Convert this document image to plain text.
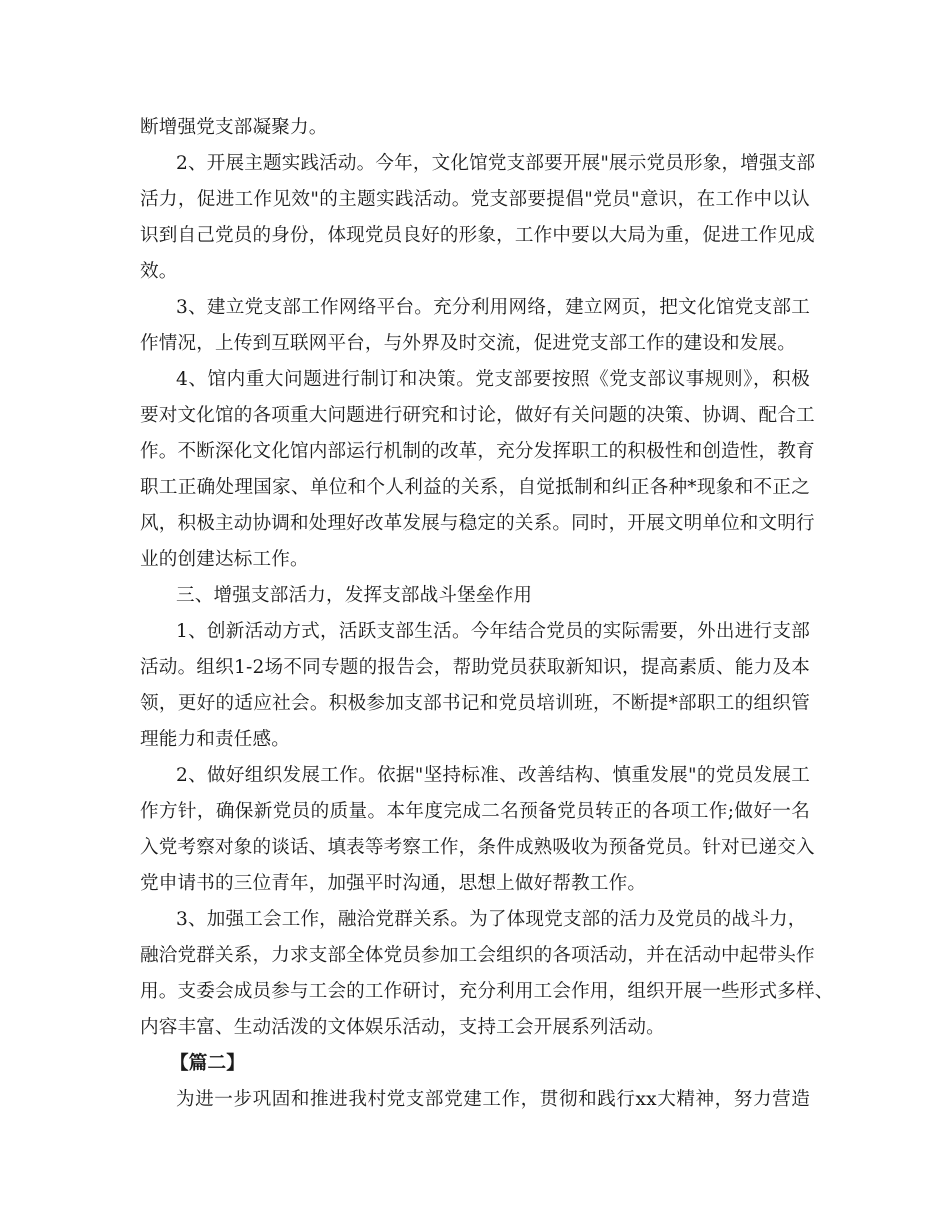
断增强党支部凝聚力。
2、开展主题实践活动。今年，文化馆党支部要开展"展示党员形象，增强支部
活力，促进工作见效"的主题实践活动。党支部要提倡"党员"意识，在工作中以认
识到自己党员的身份，体现党员良好的形象，工作中要以大局为重，促进工作见成
效。
3、建立党支部工作网络平台。充分利用网络，建立网页，把文化馆党支部工
作情况，上传到互联网平台，与外界及时交流，促进党支部工作的建设和发展。
4、馆内重大问题进行制订和决策。党支部要按照《党支部议事规则》，积极
要对文化馆的各项重大问题进行研究和讨论，做好有关问题的决策、协调、配合工
作。不断深化文化馆内部运行机制的改革，充分发挥职工的积极性和创造性，教育
职工正确处理国家、单位和个人利益的关系，自觉抵制和纠正各种*现象和不正之
风，积极主动协调和处理好改革发展与稳定的关系。同时，开展文明单位和文明行
业的创建达标工作。
三、增强支部活力，发挥支部战斗堡垒作用
1、创新活动方式，活跃支部生活。今年结合党员的实际需要，外出进行支部
活动。组织1-2场不同专题的报告会，帮助党员获取新知识，提高素质、能力及本
领，更好的适应社会。积极参加支部书记和党员培训班，不断提*部职工的组织管
理能力和责任感。
2、做好组织发展工作。依据"坚持标准、改善结构、慎重发展"的党员发展工
作方针，确保新党员的质量。本年度完成二名预备党员转正的各项工作;做好一名
入党考察对象的谈话、填表等考察工作，条件成熟吸收为预备党员。针对已递交入
党申请书的三位青年，加强平时沟通，思想上做好帮教工作。
3、加强工会工作，融洽党群关系。为了体现党支部的活力及党员的战斗力，
融洽党群关系，力求支部全体党员参加工会组织的各项活动，并在活动中起带头作
用。支委会成员参与工会的工作研讨，充分利用工会作用，组织开展一些形式多样、
内容丰富、生动活泼的文体娱乐活动，支持工会开展系列活动。
【篇二】
为进一步巩固和推进我村党支部党建工作，贯彻和践行xx大精神，努力营造
